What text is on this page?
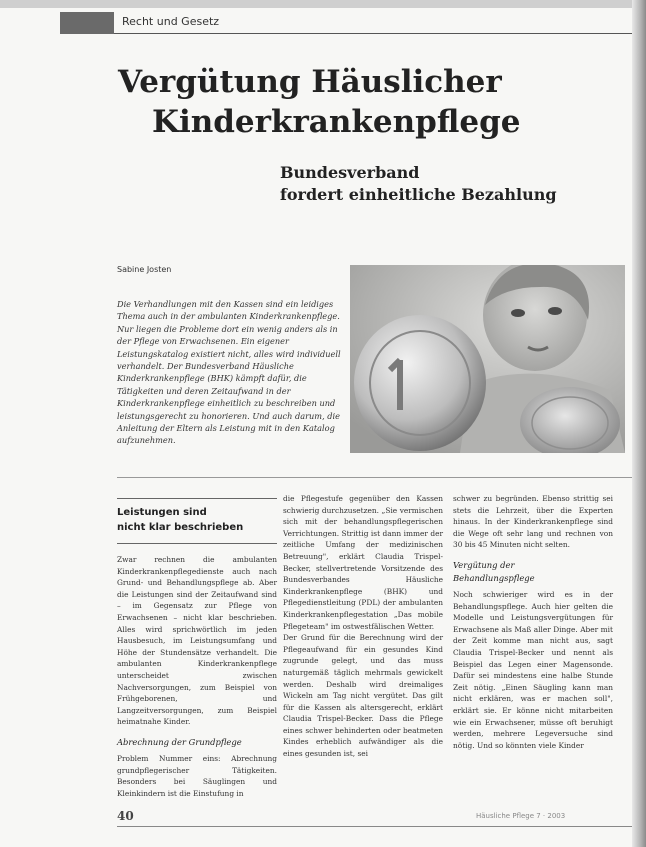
Recht und Gesetz
Vergütung Häuslicher
Kinderkrankenpflege
Bundesverband
fordert einheitliche Bezahlung
Sabine Josten

Die Verhandlungen mit den Kassen sind ein leidiges Thema auch in der ambulanten Kinderkrankenpflege. Nur liegen die Probleme dort ein wenig anders als in der Pflege von Erwachsenen. Ein eigener Leistungskatalog existiert nicht, alles wird individuell verhandelt. Der Bundesverband Häusliche Kinderkrankenpflege (BHK) kämpft dafür, die Tätigkeiten und deren Zeitaufwand in der Kinderkrankenpflege einheitlich zu beschreiben und leistungsgerecht zu honorieren. Und auch darum, die Anleitung der Eltern als Leistung mit in den Katalog aufzunehmen.

Leistungen sind
nicht klar beschrieben

Zwar rechnen die ambulanten Kinderkrankenpflegedienste auch nach Grund- und Behandlungspflege ab. Aber die Leistungen sind der Zeitaufwand sind – im Gegensatz zur Pflege von Erwachsenen – nicht klar beschrieben. Alles wird sprichwörtlich im jeden Hausbesuch, im Leistungsumfang und Höhe der Stundensätze verhandelt. Die ambulanten Kinderkrankenpflege unterscheidet zwischen Nachversorgungen, zum Beispiel von Frühgeborenen, und Langzeitversorgungen, zum Beispiel heimatnahe Kinder.

Abrechnung der Grundpflege

Problem Nummer eins: Abrechnung grundpflegerischer Tätigkeiten. Besonders bei Säuglingen und Kleinkindern ist die Einstufung in

die Pflegestufe gegenüber den Kassen schwierig durchzusetzen. „Sie vermischen sich mit der behandlungspflegerischen Verrichtungen. Strittig ist dann immer der zeitliche Umfang der medizinischen Betreuung", erklärt Claudia Trispel-Becker, stellvertretende Vorsitzende des Bundesverbandes Häusliche Kinderkrankenpflege (BHK) und Pflegedienstleitung (PDL) der ambulanten Kinderkrankenpflegestation „Das mobile Pflegeteam" im ostwestfälischen Wetter.

Der Grund für die Berechnung wird der Pflegeaufwand für ein gesundes Kind zugrunde gelegt, und das muss naturgemäß täglich mehrmals gewickelt werden. Deshalb wird dreimaliges Wickeln am Tag nicht vergütet. Das gilt für die Kassen als altersgerecht, erklärt Claudia Trispel-Becker. Dass die Pflege eines schwer behinderten oder beatmeten Kindes erheblich aufwändiger als die eines gesunden ist, sei

schwer zu begründen. Ebenso strittig sei stets die Lehrzeit, über die Experten hinaus. In der Kinderkrankenpflege sind die Wege oft sehr lang und rechnen von 30 bis 45 Minuten nicht selten.

Vergütung der
Behandlungspflege

Noch schwieriger wird es in der Behandlungspflege. Auch hier gelten die Modelle und Leistungsvergütungen für Erwachsene als Maß aller Dinge. Aber mit der Zeit komme man nicht aus, sagt Claudia Trispel-Becker und nennt als Beispiel das Legen einer Magensonde. Dafür sei mindestens eine halbe Stunde Zeit nötig. „Einen Säugling kann man nicht erklären, was er machen soll", erklärt sie. Er könne nicht mitarbeiten wie ein Erwachsener, müsse oft beruhigt werden, mehrere Legeversuche sind nötig. Und so könnten viele Kinder

40	Häusliche Pflege 7 · 2003
